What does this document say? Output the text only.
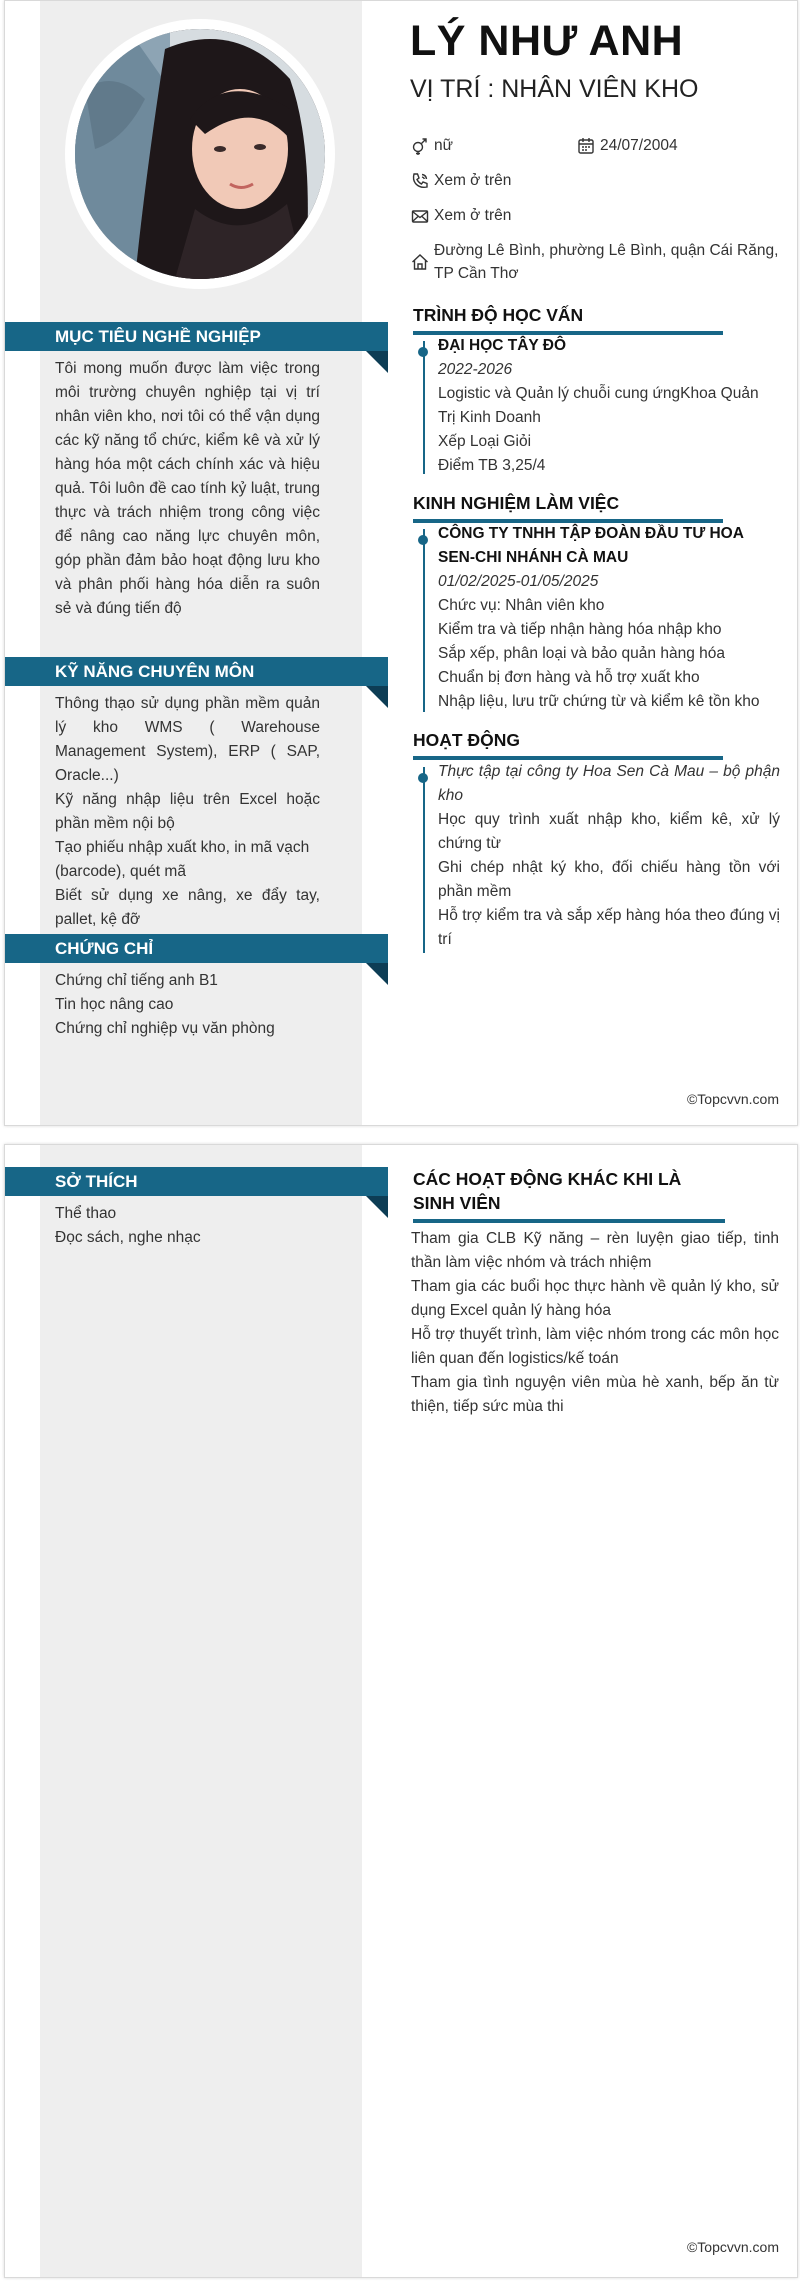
LÝ NHƯ ANH
VỊ TRÍ : NHÂN VIÊN KHO
nữ	24/07/2004
Xem ở trên
Xem ở trên
Đường Lê Bình, phường Lê Bình, quận Cái Răng, TP Cần Thơ
MỤC TIÊU NGHỀ NGHIỆP
Tôi mong muốn được làm việc trong môi trường chuyên nghiệp tại vị trí nhân viên kho, nơi tôi có thể vận dụng các kỹ năng tổ chức, kiểm kê và xử lý hàng hóa một cách chính xác và hiệu quả. Tôi luôn đề cao tính kỷ luật, trung thực và trách nhiệm trong công việc để nâng cao năng lực chuyên môn, góp phần đảm bảo hoạt động lưu kho và phân phối hàng hóa diễn ra suôn sẻ và đúng tiến độ
KỸ NĂNG CHUYÊN MÔN
Thông thạo sử dụng phần mềm quản lý kho WMS ( Warehouse Management System), ERP ( SAP, Oracle...)
Kỹ năng nhập liệu trên Excel hoặc phần mềm nội bộ
Tạo phiếu nhập xuất kho, in mã vạch (barcode), quét mã
Biết sử dụng xe nâng, xe đẩy tay, pallet, kệ đỡ
CHỨNG CHỈ
Chứng chỉ tiếng anh B1
Tin học nâng cao
Chứng chỉ nghiệp vụ văn phòng
TRÌNH ĐỘ HỌC VẤN
ĐẠI HỌC TÂY ĐÔ
2022-2026
Logistic và Quản lý chuỗi cung ứngKhoa Quản Trị Kinh Doanh
Xếp Loại Giỏi
Điểm TB 3,25/4
KINH NGHIỆM LÀM VIỆC
CÔNG TY TNHH TẬP ĐOÀN ĐẦU TƯ HOA SEN-CHI NHÁNH CÀ MAU
01/02/2025-01/05/2025
Chức vụ: Nhân viên kho
Kiểm tra và tiếp nhận hàng hóa nhập kho
Sắp xếp, phân loại và bảo quản hàng hóa
Chuẩn bị đơn hàng và hỗ trợ xuất kho
Nhập liệu, lưu trữ chứng từ và kiểm kê tồn kho
HOẠT ĐỘNG
Thực tập tại công ty Hoa Sen Cà Mau – bộ phận kho
Học quy trình xuất nhập kho, kiểm kê, xử lý chứng từ
Ghi chép nhật ký kho, đối chiếu hàng tồn với phần mềm
Hỗ trợ kiểm tra và sắp xếp hàng hóa theo đúng vị trí
©Topcvvn.com
SỞ THÍCH
Thể thao
Đọc sách, nghe nhạc
CÁC HOẠT ĐỘNG KHÁC KHI LÀ SINH VIÊN
Tham gia CLB Kỹ năng – rèn luyện giao tiếp, tinh thần làm việc nhóm và trách nhiệm
Tham gia các buổi học thực hành về quản lý kho, sử dụng Excel quản lý hàng hóa
Hỗ trợ thuyết trình, làm việc nhóm trong các môn học liên quan đến logistics/kế toán
Tham gia tình nguyện viên mùa hè xanh, bếp ăn từ thiện, tiếp sức mùa thi
©Topcvvn.com
